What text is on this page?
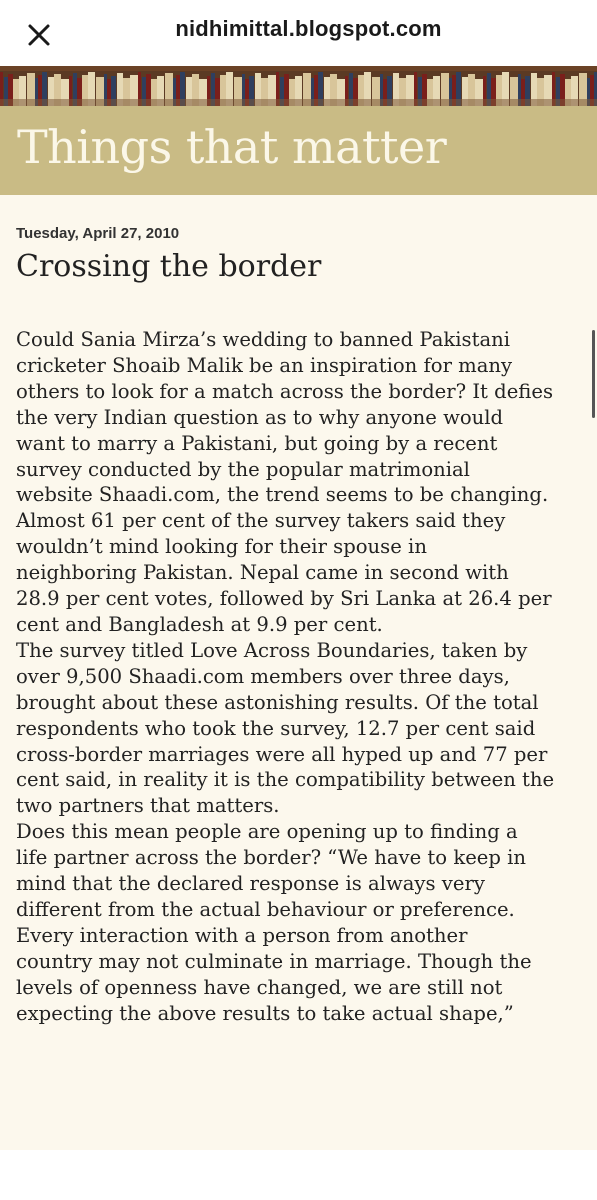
nidhimittal.blogspot.com
Things that matter
Tuesday, April 27, 2010
Crossing the border
Could Sania Mirza’s wedding to banned Pakistani
cricketer Shoaib Malik be an inspiration for many
others to look for a match across the border? It defies
the very Indian question as to why anyone would
want to marry a Pakistani, but going by a recent
survey conducted by the popular matrimonial
website Shaadi.com, the trend seems to be changing.
Almost 61 per cent of the survey takers said they
wouldn’t mind looking for their spouse in
neighboring Pakistan. Nepal came in second with
28.9 per cent votes, followed by Sri Lanka at 26.4 per
cent and Bangladesh at 9.9 per cent.
The survey titled Love Across Boundaries, taken by
over 9,500 Shaadi.com members over three days,
brought about these astonishing results. Of the total
respondents who took the survey, 12.7 per cent said
cross-border marriages were all hyped up and 77 per
cent said, in reality it is the compatibility between the
two partners that matters.
Does this mean people are opening up to finding a
life partner across the border? “We have to keep in
mind that the declared response is always very
different from the actual behaviour or preference.
Every interaction with a person from another
country may not culminate in marriage. Though the
levels of openness have changed, we are still not
expecting the above results to take actual shape,”
